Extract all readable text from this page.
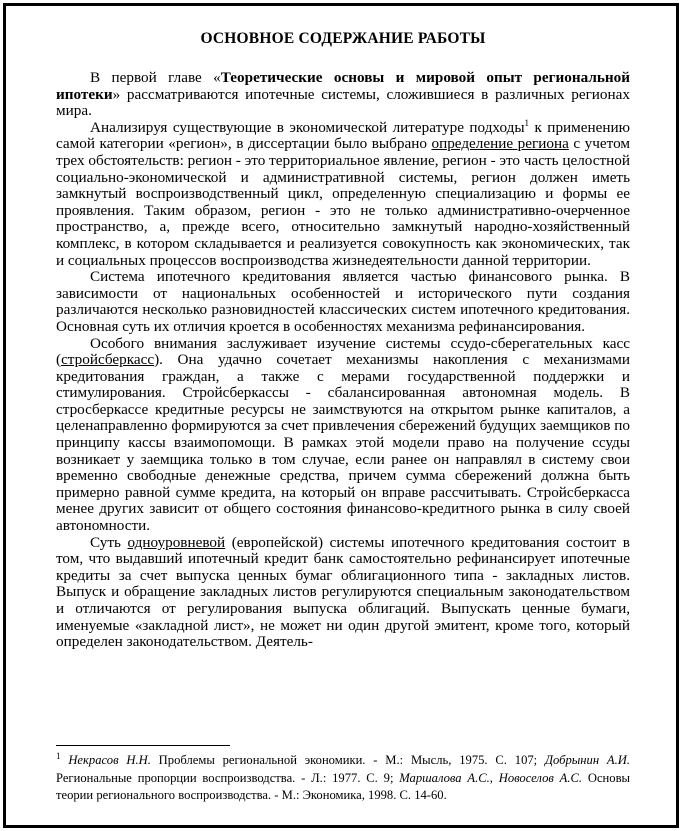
ОСНОВНОЕ СОДЕРЖАНИЕ РАБОТЫ

В первой главе «Теоретические основы и мировой опыт региональной ипотеки» рассматриваются ипотечные системы, сложившиеся в различных регионах мира.

Анализируя существующие в экономической литературе подходы$^1$ к применению самой категории «регион», в диссертации было выбрано определение региона с учетом трех обстоятельств: регион - это территориальное явление, регион - это часть целостной социально-экономической и административной системы, регион должен иметь замкнутый воспроизводственный цикл, определенную специализацию и формы ее проявления. Таким образом, регион - это не только административно-очерченное пространство, а, прежде всего, относительно замкнутый народно-хозяйственный комплекс, в котором складывается и реализуется совокупность как экономических, так и социальных процессов воспроизводства жизнедеятельности данной территории.

Система ипотечного кредитования является частью финансового рынка. В зависимости от национальных особенностей и исторического пути создания различаются несколько разновидностей классических систем ипотечного кредитования. Основная суть их отличия кроется в особенностях механизма рефинансирования.

Особого внимания заслуживает изучение системы ссудо-сберегательных касс (стройсберкасс). Она удачно сочетает механизмы накопления с механизмами кредитования граждан, а также с мерами государственной поддержки и стимулирования. Стройсберкассы - сбалансированная автономная модель. В стросберкассе кредитные ресурсы не заимствуются на открытом рынке капиталов, а целенаправленно формируются за счет привлечения сбережений будущих заемщиков по принципу кассы взаимопомощи. В рамках этой модели право на получение ссуды возникает у заемщика только в том случае, если ранее он направлял в систему свои временно свободные денежные средства, причем сумма сбережений должна быть примерно равной сумме кредита, на который он вправе рассчитывать. Стройсберкасса менее других зависит от общего состояния финансово-кредитного рынка в силу своей автономности.

Суть одноуровневой (европейской) системы ипотечного кредитования состоит в том, что выдавший ипотечный кредит банк самостоятельно рефинансирует ипотечные кредиты за счет выпуска ценных бумаг облигационного типа - закладных листов. Выпуск и обращение закладных листов регулируются специальным законодательством и отличаются от регулирования выпуска облигаций. Выпускать ценные бумаги, именуемые «закладной лист», не может ни один другой эмитент, кроме того, который определен законодательством. Деятель-

$^1$ Некрасов Н.Н. Проблемы региональной экономики. - М.: Мысль, 1975. С. 107; Добрынин А.И. Региональные пропорции воспроизводства. - Л.: 1977. С. 9; Маршалова А.С., Новоселов А.С. Основы теории регионального воспроизводства. - М.: Экономика, 1998. С. 14-60.
